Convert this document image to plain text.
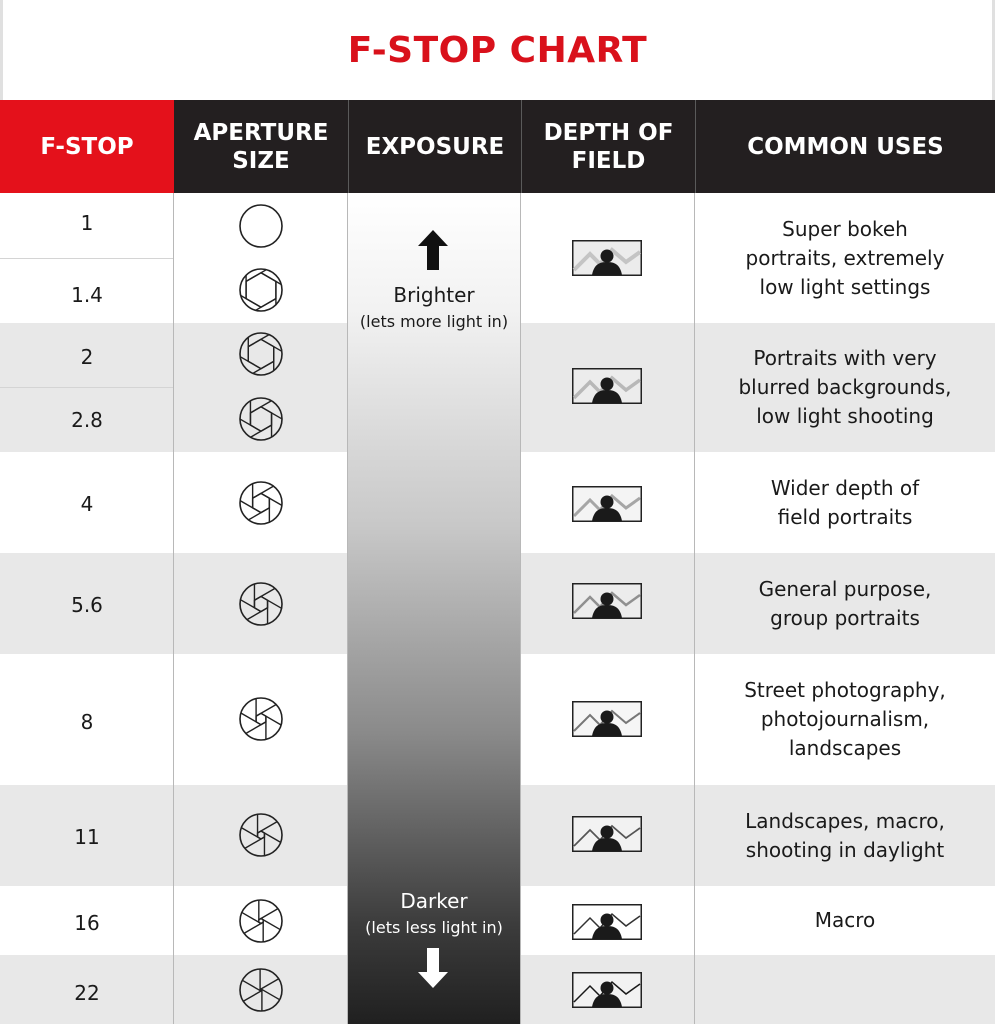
F-STOP CHART
F-STOP
APERTURE
SIZE
EXPOSURE
DEPTH OF
FIELD
COMMON USES
1
1.4
2
2.8
4
5.6
8
11
16
22
Brighter
(lets more light in)
Darker
(lets less light in)
Super bokeh
portraits, extremely
low light settings
Portraits with very
blurred backgrounds,
low light shooting
Wider depth of
field portraits
General purpose,
group portraits
Street photography,
photojournalism,
landscapes
Landscapes, macro,
shooting in daylight
Macro
